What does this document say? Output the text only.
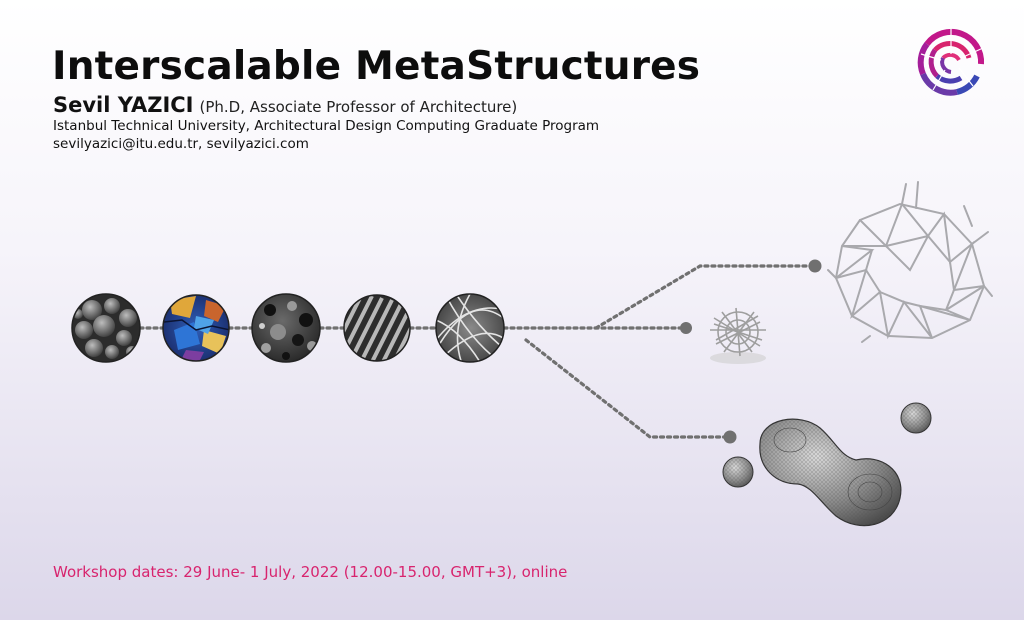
Interscalable MetaStructures
Sevil YAZICI (Ph.D, Associate Professor of Architecture)
Istanbul Technical University, Architectural Design Computing Graduate Program
sevilyazici@itu.edu.tr, sevilyazici.com
Workshop dates: 29 June- 1 July, 2022 (12.00-15.00, GMT+3), online
